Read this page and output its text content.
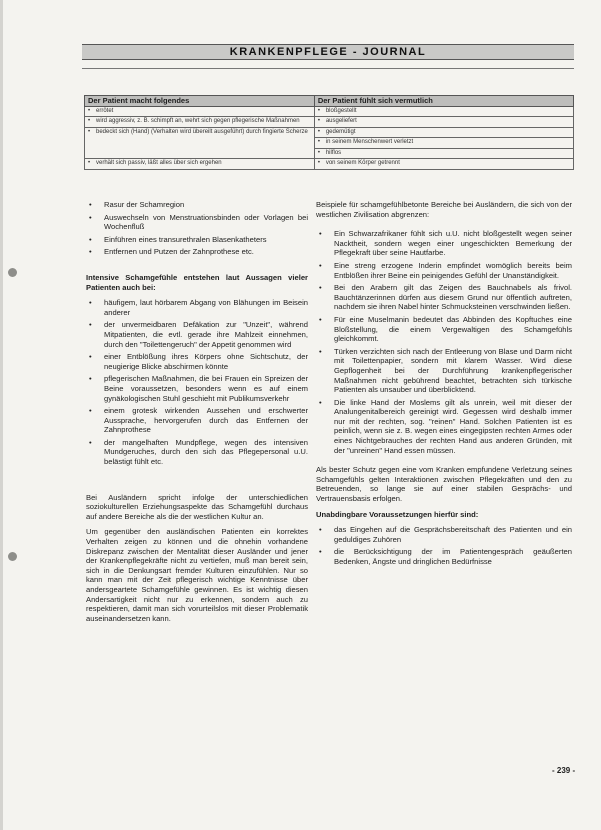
KRANKENPFLEGE - JOURNAL
Der Patient macht folgendes	Der Patient fühlt sich vermutlich
• errötet	• bloßgestellt
• wird aggressiv, z. B. schimpft an, wehrt sich gegen pflegerische Maßnahmen	• ausgeliefert
• bedeckt sich (Hand) (Verhalten wird übereilt ausgeführt) durch fingierte Scherze	• gedemütigt
	• in seinem Menschenwert verletzt
	• hilflos
• verhält sich passiv, läßt alles über sich ergehen	• von seinem Körper getrennt
• Rasur der Schamregion
• Auswechseln von Menstruationsbinden oder Vorlagen bei Wochenfluß
• Einführen eines transurethralen Blasenkatheters
• Entfernen und Putzen der Zahnprothese etc.

Intensive Schamgefühle entstehen laut Aussagen vieler Patienten auch bei:

• häufigem, laut hörbarem Abgang von Blähungen im Beisein anderer
• der unvermeidbaren Defäkation zur "Unzeit", während Mitpatienten, die evtl. gerade ihre Mahlzeit einnehmen, durch den "Toilettengeruch" der Appetit genommen wird
• einer Entblößung ihres Körpers ohne Sichtschutz, der neugierige Blicke abschirmen könnte
• pflegerischen Maßnahmen, die bei Frauen ein Spreizen der Beine voraussetzen, besonders wenn es auf einem gynäkologischen Stuhl geschieht mit Publikumsverkehr
• einem grotesk wirkenden Aussehen und erschwerter Aussprache, hervorgerufen durch das Entfernen der Zahnprothese
• der mangelhaften Mundpflege, wegen des intensiven Mundgeruches, durch den sich das Pflegepersonal u.U. belästigt fühlt etc.

Bei Ausländern spricht infolge der unterschiedlichen soziokulturellen Erziehungsaspekte das Schamgefühl durchaus auf andere Bereiche als die der westlichen Kultur an.

Um gegenüber den ausländischen Patienten ein korrektes Verhalten zeigen zu können und die ohnehin vorhandene Diskrepanz zwischen der Mentalität dieser Ausländer und jener der Krankenpflegekräfte nicht zu vertiefen, muß man bereit sein, sich in die Denkungsart fremder Kulturen einzufühlen. Nur so kann man mit der Zeit pflegerisch wichtige Kenntnisse über andersgeartete Schamgefühle gewinnen. Es ist wichtig diesen Andersartigkeit nicht nur zu erkennen, sondern auch zu respektieren, damit man sich vorurteilslos mit dieser Problematik auseinandersetzen kann.

Beispiele für schamgefühlbetonte Bereiche bei Ausländern, die sich von der westlichen Zivilisation abgrenzen:

• Ein Schwarzafrikaner fühlt sich u.U. nicht bloßgestellt wegen seiner Nacktheit, sondern wegen einer ungeschickten Bemerkung der Pflegekraft über seine Hautfarbe.
• Eine streng erzogene Inderin empfindet womöglich bereits beim Entblößen ihrer Beine ein peinigendes Gefühl der Unanständigkeit.
• Bei den Arabern gilt das Zeigen des Bauchnabels als frivol. Bauchtänzerinnen dürfen aus diesem Grund nur öffentlich auftreten, nachdem sie ihren Nabel hinter Schmucksteinen verschwinden ließen.
• Für eine Muselmanin bedeutet das Abbinden des Kopftuches eine Bloßstellung, die einem Vergewaltigen des Schamgefühls gleichkommt.
• Türken verzichten sich nach der Entleerung von Blase und Darm nicht mit Toilettenpapier, sondern mit klarem Wasser. Wird diese Gepflogenheit bei der Durchführung krankenpflegerischer Maßnahmen nicht gebührend beachtet, betrachten sich türkische Patienten als unsauber und überblicktend.
• Die linke Hand der Moslems gilt als unrein, weil mit dieser der Analungenitalbereich gereinigt wird. Gegessen wird deshalb immer nur mit der rechten, sog. "reinen" Hand. Solchen Patienten ist es peinlich, wenn sie z. B. wegen eines eingegipsten rechten Armes oder eines Nichtgebrauches der rechten Hand aus anderen Gründen, mit der "unreinen" Hand essen müssen.

Als bester Schutz gegen eine vom Kranken empfundene Verletzung seines Schamgefühls gelten Interaktionen zwischen Pflegekräften und den zu Betreuenden, so lange sie auf einer stabilen Gesprächs- und Vertrauensbasis erfolgen.

Unabdingbare Voraussetzungen hierfür sind:

• das Eingehen auf die Gesprächsbereitschaft des Patienten und ein geduldiges Zuhören
• die Berücksichtigung der im Patientengespräch geäußerten Bedenken, Ängste und dringlichen Bedürfnisse
- 239 -
